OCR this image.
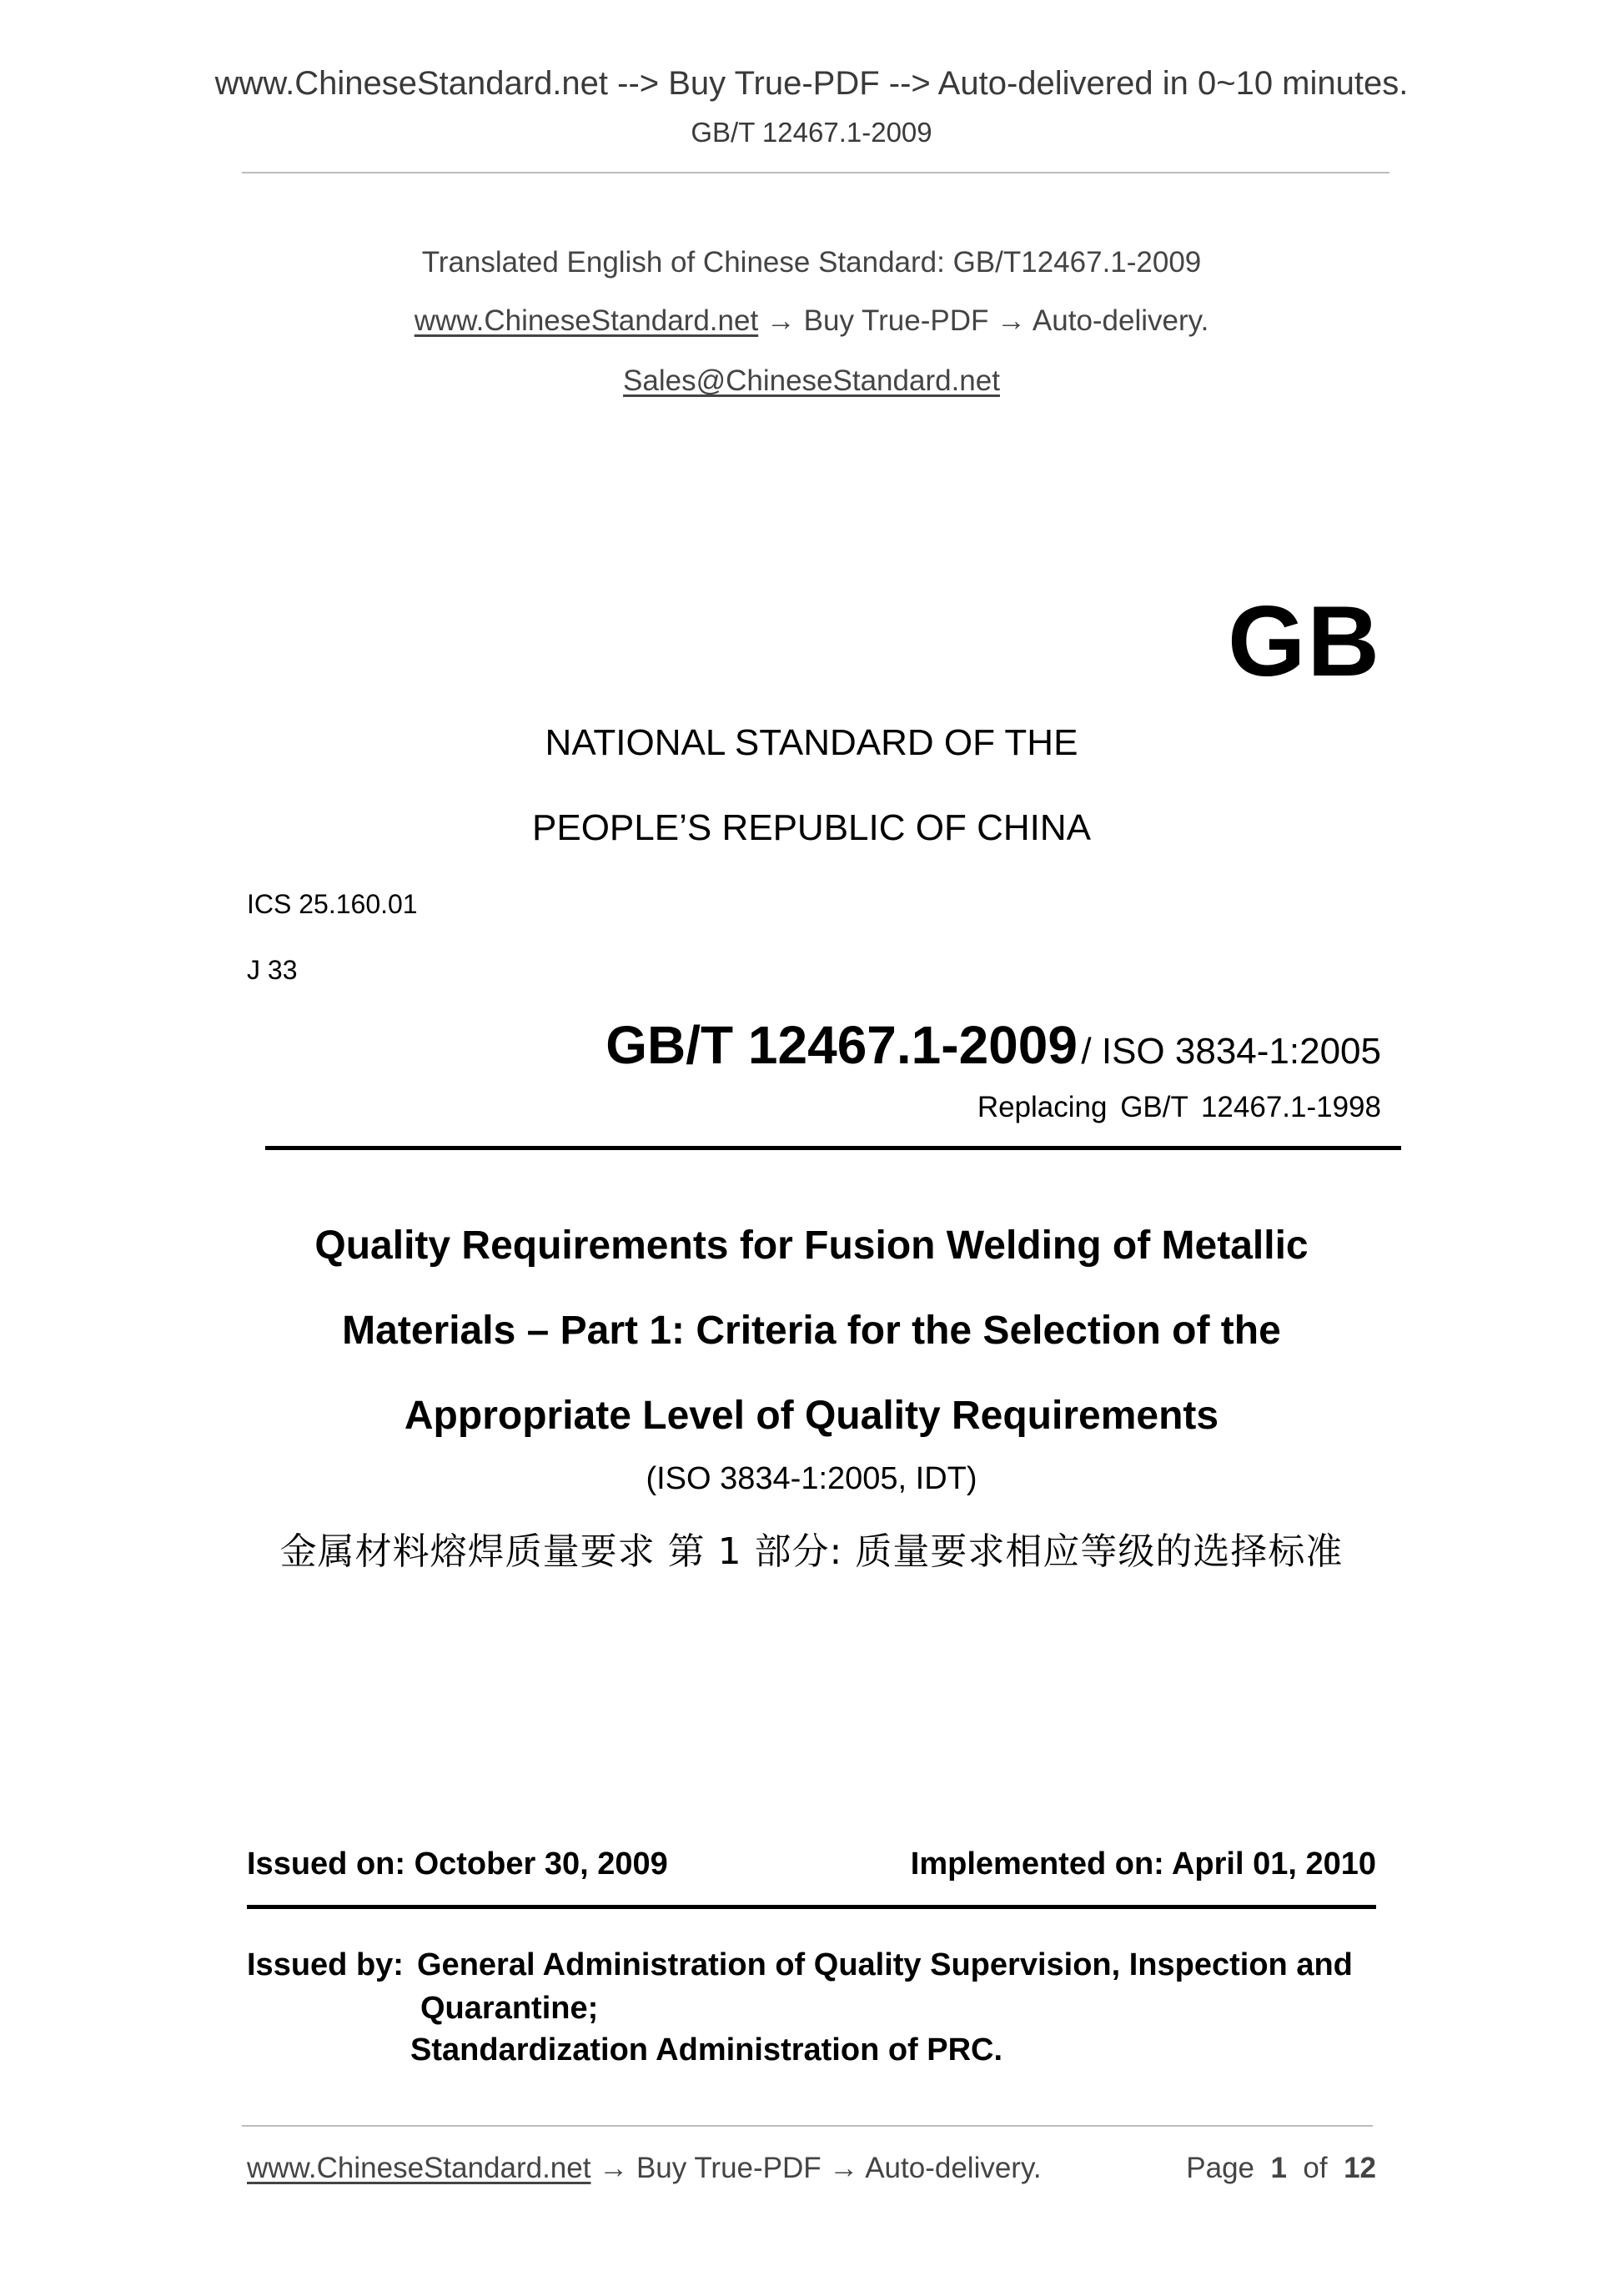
www.ChineseStandard.net --> Buy True-PDF --> Auto-delivered in 0~10 minutes.
GB/T 12467.1-2009
Translated English of Chinese Standard: GB/T12467.1-2009
www.ChineseStandard.net → Buy True-PDF → Auto-delivery.
Sales@ChineseStandard.net
GB
NATIONAL STANDARD OF THE
PEOPLE’S REPUBLIC OF CHINA
ICS 25.160.01
J 33
GB/T 12467.1-2009 / ISO 3834-1:2005
Replacing GB/T 12467.1-1998
Quality Requirements for Fusion Welding of Metallic
Materials – Part 1: Criteria for the Selection of the
Appropriate Level of Quality Requirements
(ISO 3834-1:2005, IDT)
金属材料熔焊质量要求 第 1 部分: 质量要求相应等级的选择标准
Issued on: October 30, 2009	Implemented on: April 01, 2010
Issued by: General Administration of Quality Supervision, Inspection and
Quarantine;
Standardization Administration of PRC.
www.ChineseStandard.net → Buy True-PDF → Auto-delivery.	Page 1 of 12
